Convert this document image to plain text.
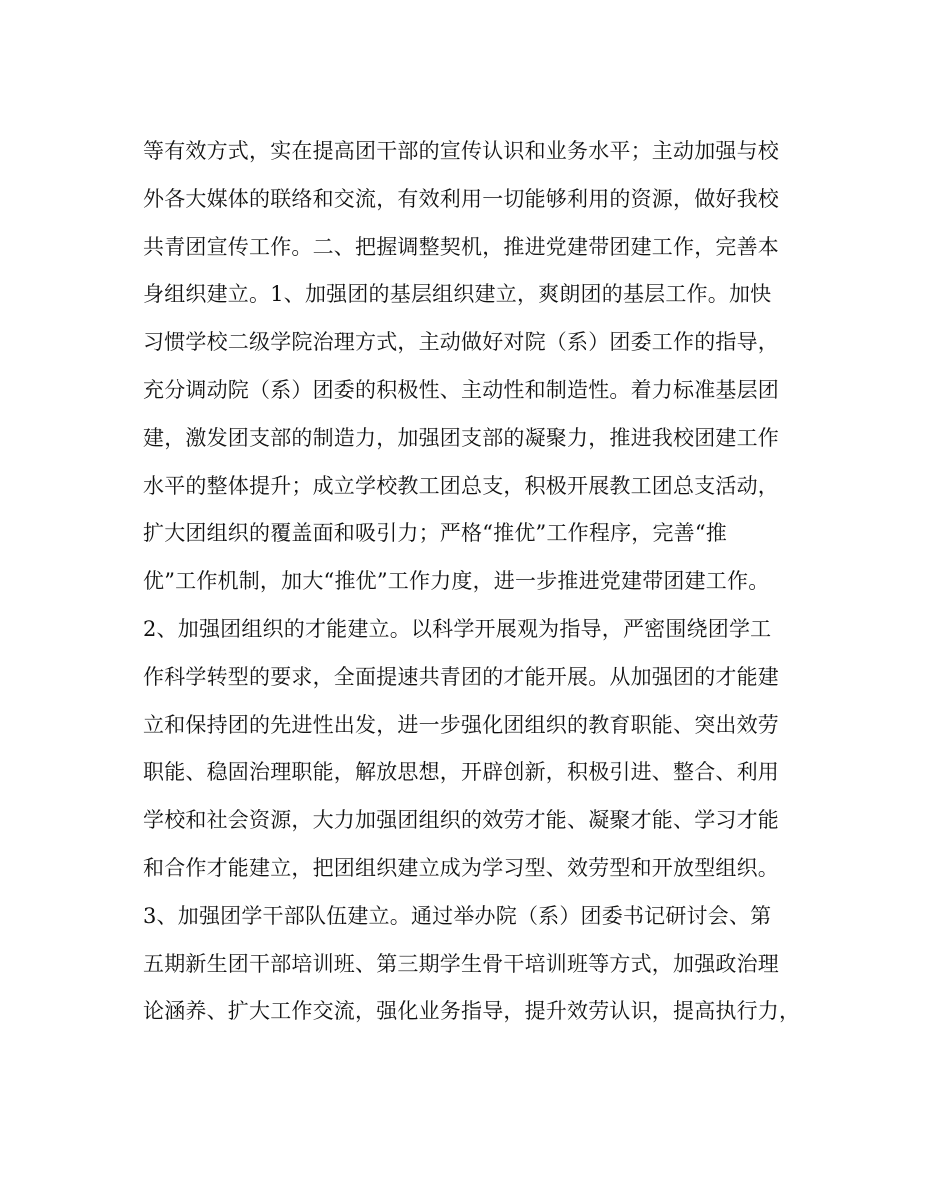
等有效方式，实在提高团干部的宣传认识和业务水平；主动加强与校
外各大媒体的联络和交流，有效利用一切能够利用的资源，做好我校
共青团宣传工作。二、把握调整契机，推进党建带团建工作，完善本
身组织建立。1、加强团的基层组织建立，爽朗团的基层工作。加快
习惯学校二级学院治理方式，主动做好对院（系）团委工作的指导，
充分调动院（系）团委的积极性、主动性和制造性。着力标准基层团
建，激发团支部的制造力，加强团支部的凝聚力，推进我校团建工作
水平的整体提升；成立学校教工团总支，积极开展教工团总支活动，
扩大团组织的覆盖面和吸引力；严格“推优”工作程序，完善“推
优”工作机制，加大“推优”工作力度，进一步推进党建带团建工作。
2、加强团组织的才能建立。以科学开展观为指导，严密围绕团学工
作科学转型的要求，全面提速共青团的才能开展。从加强团的才能建
立和保持团的先进性出发，进一步强化团组织的教育职能、突出效劳
职能、稳固治理职能，解放思想，开辟创新，积极引进、整合、利用
学校和社会资源，大力加强团组织的效劳才能、凝聚才能、学习才能
和合作才能建立，把团组织建立成为学习型、效劳型和开放型组织。
3、加强团学干部队伍建立。通过举办院（系）团委书记研讨会、第
五期新生团干部培训班、第三期学生骨干培训班等方式，加强政治理
论涵养、扩大工作交流，强化业务指导，提升效劳认识，提高执行力，
